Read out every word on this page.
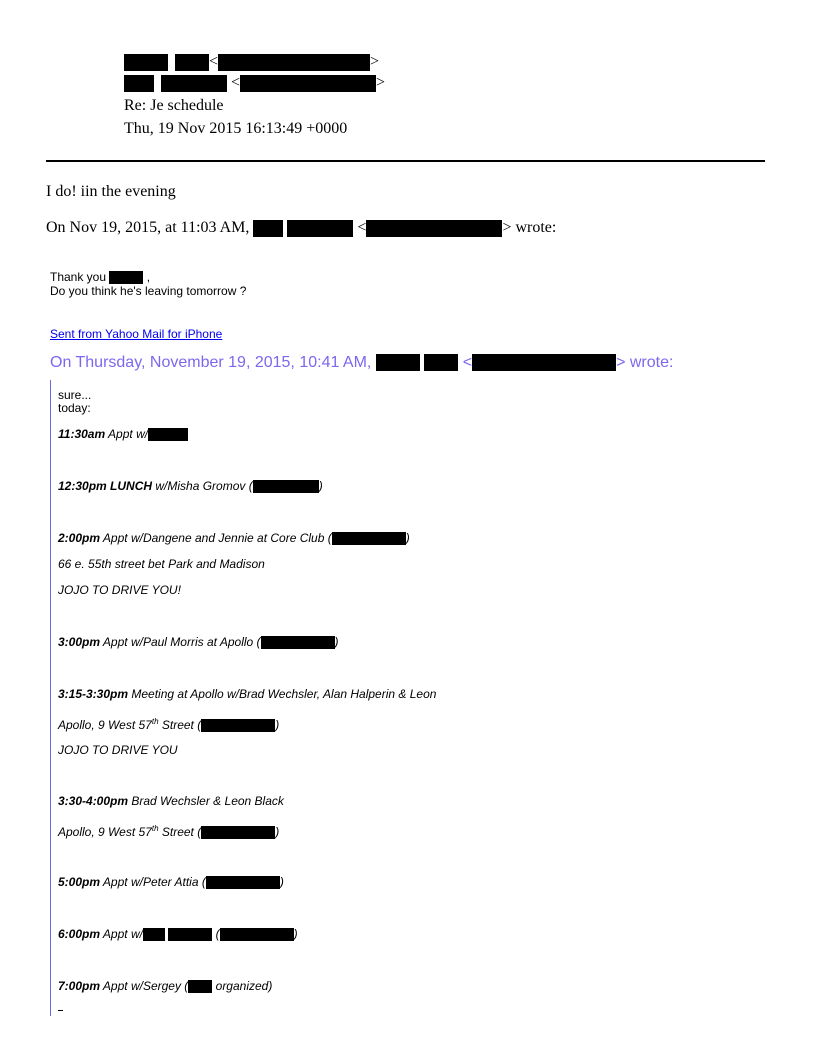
<	>
<	>
Re: Je schedule
Thu, 19 Nov 2015 16:13:49 +0000
I do! iin the evening
On Nov 19, 2015, at 11:03 AM,	<	> wrote:
Thank you	,
Do you think he's leaving tomorrow ?
Sent from Yahoo Mail for iPhone
On Thursday, November 19, 2015, 10:41 AM,	<	> wrote:
sure...
today:
11:30am Appt w/
12:30pm LUNCH w/Misha Gromov (	)
2:00pm Appt w/Dangene and Jennie at Core Club (	)
66 e. 55th street bet Park and Madison
JOJO TO DRIVE YOU!
3:00pm Appt w/Paul Morris at Apollo (	)
3:15-3:30pm Meeting at Apollo w/Brad Wechsler, Alan Halperin & Leon
Apollo, 9 West 57th Street (	)
JOJO TO DRIVE YOU
3:30-4:00pm Brad Wechsler & Leon Black
Apollo, 9 West 57th Street (	)
5:00pm Appt w/Peter Attia (	)
6:00pm Appt w/	(	)
7:00pm Appt w/Sergey ( organized)
